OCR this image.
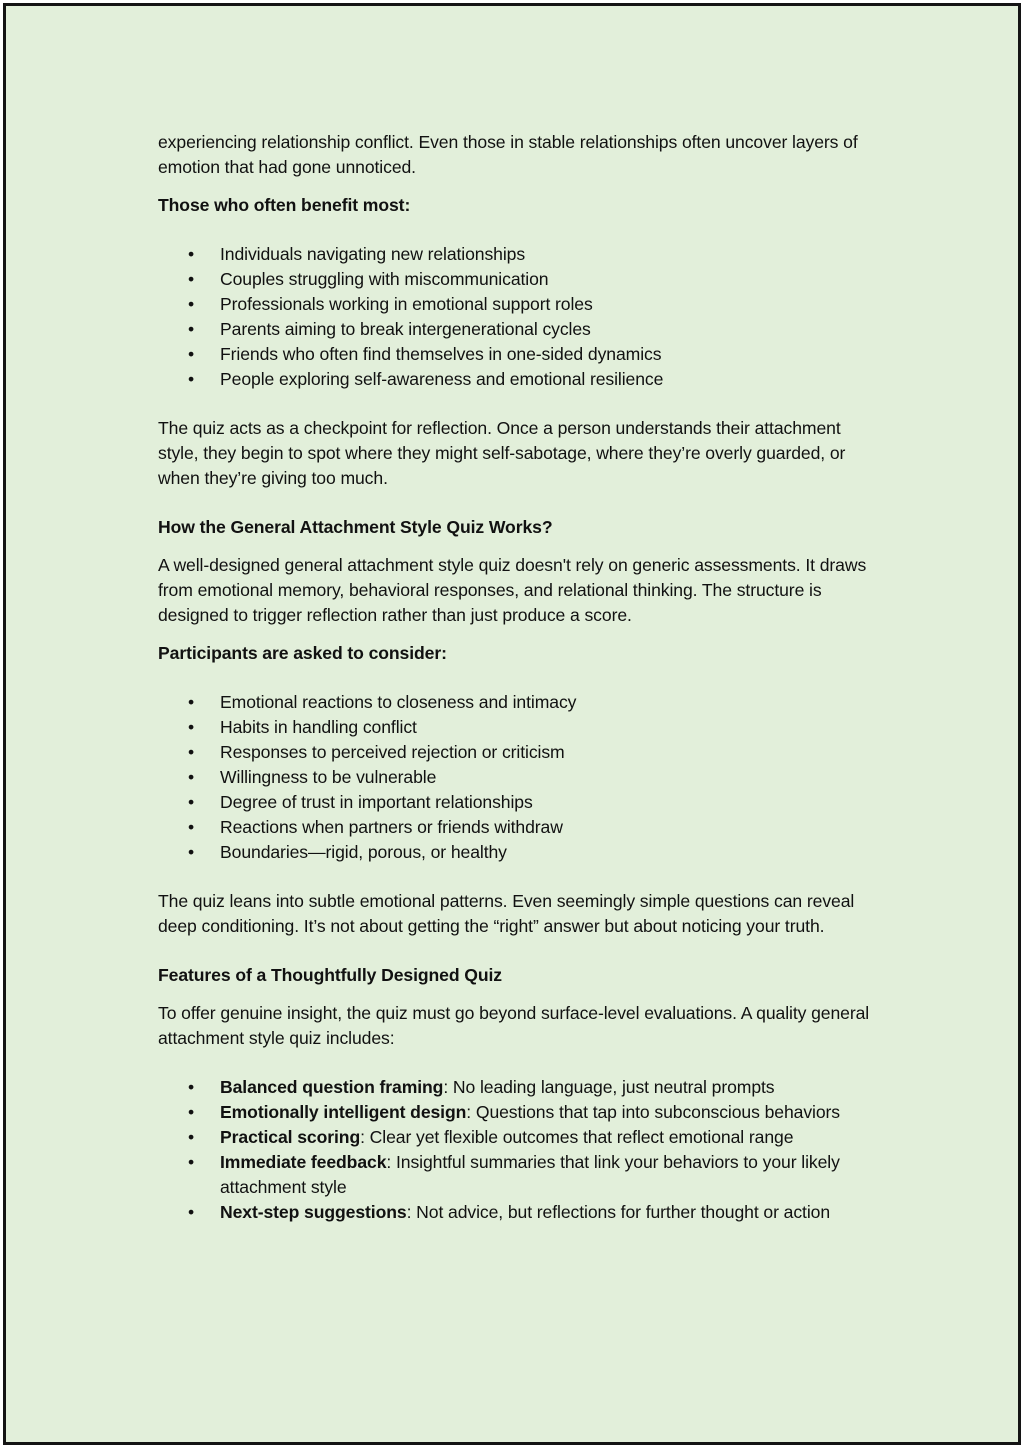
experiencing relationship conflict. Even those in stable relationships often uncover layers of emotion that had gone unnoticed.

Those who often benefit most:

• Individuals navigating new relationships
• Couples struggling with miscommunication
• Professionals working in emotional support roles
• Parents aiming to break intergenerational cycles
• Friends who often find themselves in one-sided dynamics
• People exploring self-awareness and emotional resilience

The quiz acts as a checkpoint for reflection. Once a person understands their attachment style, they begin to spot where they might self-sabotage, where they’re overly guarded, or when they’re giving too much.

How the General Attachment Style Quiz Works?

A well-designed general attachment style quiz doesn't rely on generic assessments. It draws from emotional memory, behavioral responses, and relational thinking. The structure is designed to trigger reflection rather than just produce a score.

Participants are asked to consider:

• Emotional reactions to closeness and intimacy
• Habits in handling conflict
• Responses to perceived rejection or criticism
• Willingness to be vulnerable
• Degree of trust in important relationships
• Reactions when partners or friends withdraw
• Boundaries—rigid, porous, or healthy

The quiz leans into subtle emotional patterns. Even seemingly simple questions can reveal deep conditioning. It’s not about getting the “right” answer but about noticing your truth.

Features of a Thoughtfully Designed Quiz

To offer genuine insight, the quiz must go beyond surface-level evaluations. A quality general attachment style quiz includes:

• Balanced question framing: No leading language, just neutral prompts
• Emotionally intelligent design: Questions that tap into subconscious behaviors
• Practical scoring: Clear yet flexible outcomes that reflect emotional range
• Immediate feedback: Insightful summaries that link your behaviors to your likely attachment style
• Next-step suggestions: Not advice, but reflections for further thought or action
